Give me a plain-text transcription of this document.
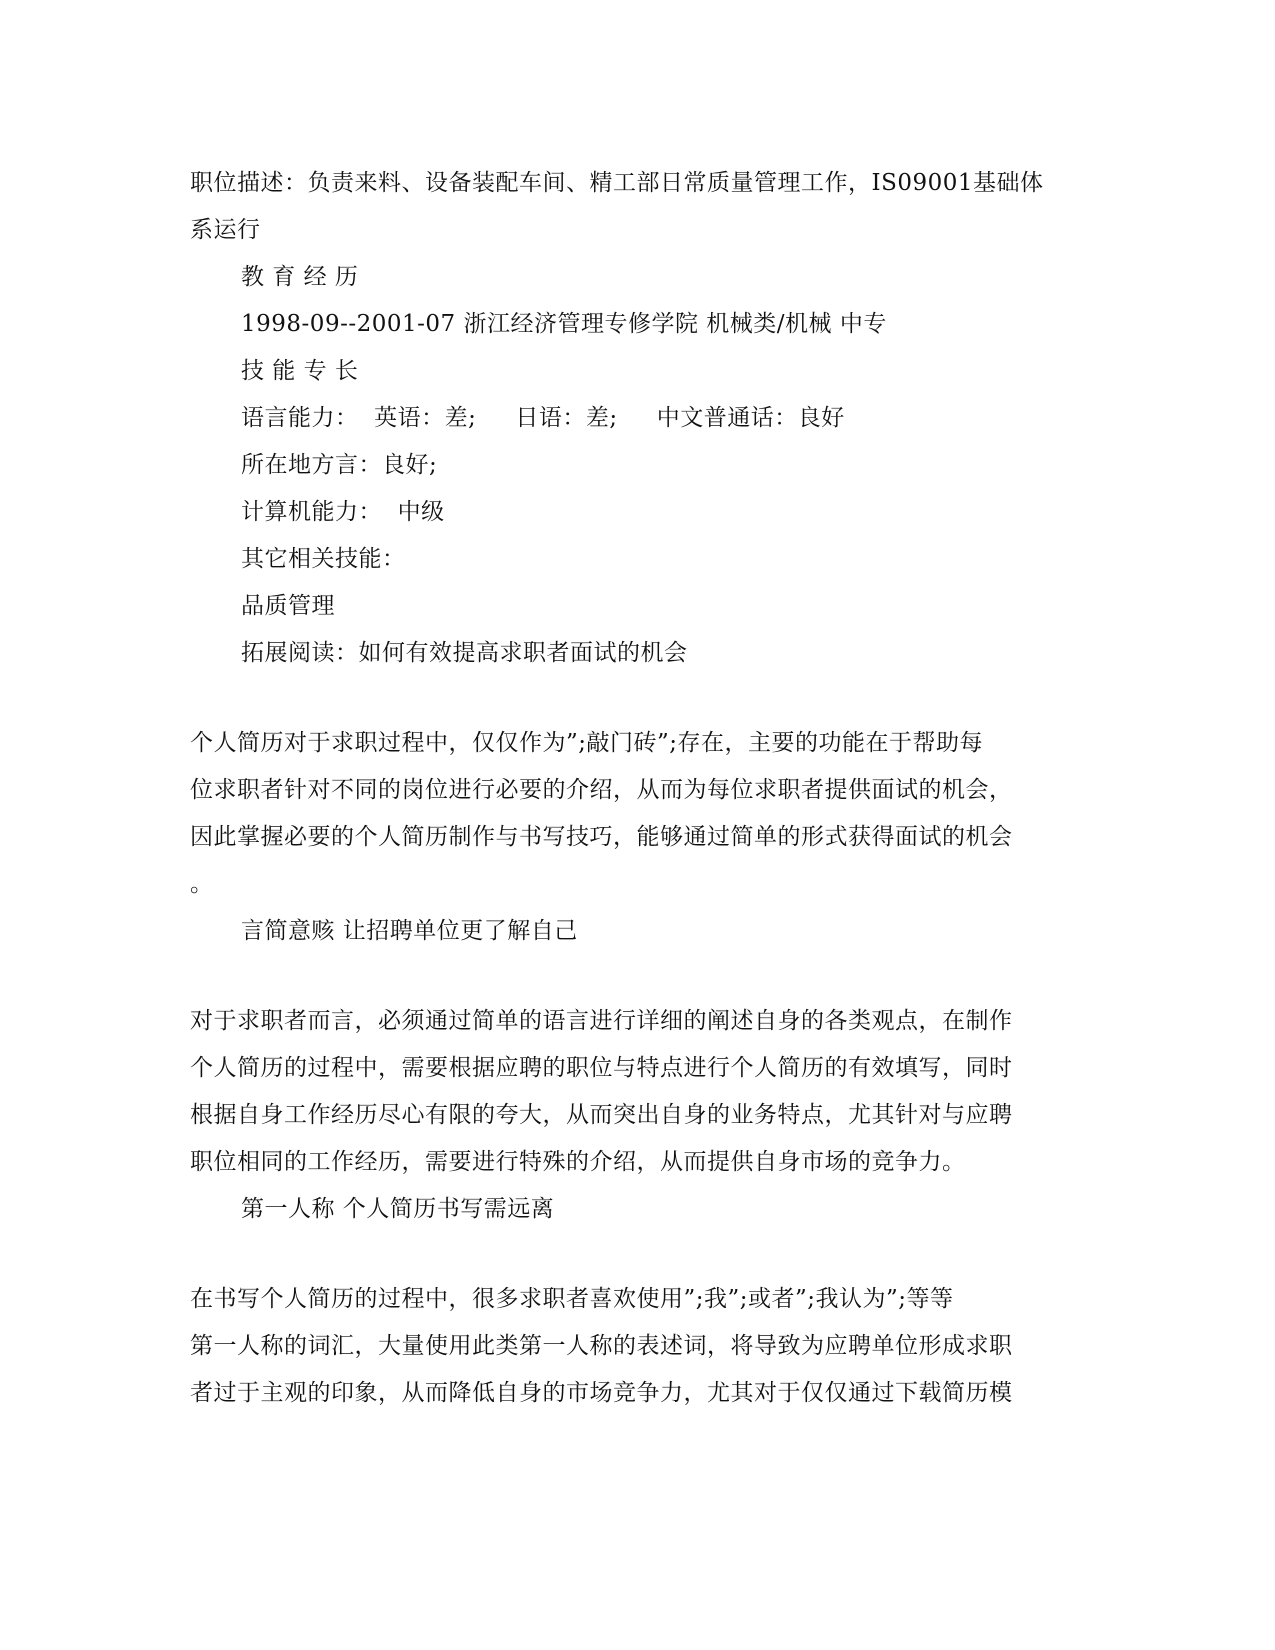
职位描述：负责来料、设备装配车间、精工部日常质量管理工作，IS09001基础体
系运行
教 育 经 历
1998-09--2001-07 浙江经济管理专修学院 机械类/机械 中专
技 能 专 长
语言能力：  英语：差;     日语：差;     中文普通话：良好
所在地方言：良好;
计算机能力：  中级
其它相关技能：
品质管理
拓展阅读：如何有效提高求职者面试的机会
个人简历对于求职过程中，仅仅作为”;敲门砖”;存在，主要的功能在于帮助每
位求职者针对不同的岗位进行必要的介绍，从而为每位求职者提供面试的机会，
因此掌握必要的个人简历制作与书写技巧，能够通过简单的形式获得面试的机会
。
言简意赅 让招聘单位更了解自己
对于求职者而言，必须通过简单的语言进行详细的阐述自身的各类观点，在制作
个人简历的过程中，需要根据应聘的职位与特点进行个人简历的有效填写，同时
根据自身工作经历尽心有限的夸大，从而突出自身的业务特点，尤其针对与应聘
职位相同的工作经历，需要进行特殊的介绍，从而提供自身市场的竞争力。
第一人称 个人简历书写需远离
在书写个人简历的过程中，很多求职者喜欢使用”;我”;或者”;我认为”;等等
第一人称的词汇，大量使用此类第一人称的表述词，将导致为应聘单位形成求职
者过于主观的印象，从而降低自身的市场竞争力，尤其对于仅仅通过下载简历模
